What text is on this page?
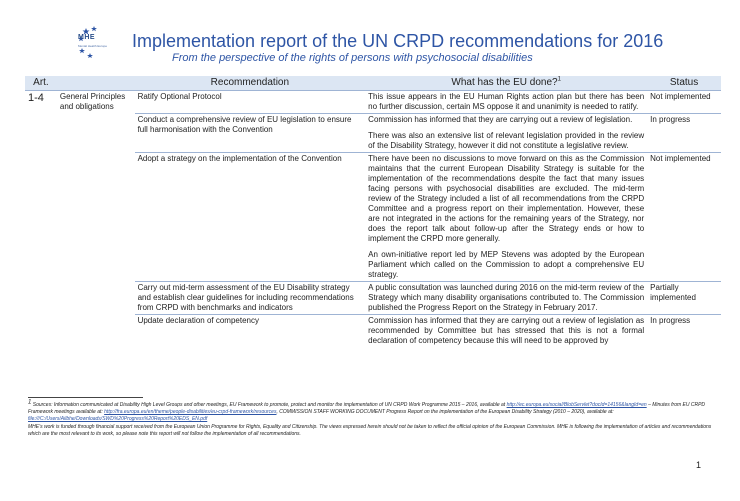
MHE
Mental Health Europe Implementation report of the UN CRPD recommendations for 2016
From the perspective of the rights of persons with psychosocial disabilities
Art.		Recommendation	What has the EU done?$^1$	Status
1-4	General Principles and obligations	Ratify Optional Protocol	This issue appears in the EU Human Rights action plan but there has been no further discussion, certain MS oppose it and unanimity is needed to ratify.	Not implemented
		Conduct a comprehensive review of EU legislation to ensure full harmonisation with the Convention	Commission has informed that they are carrying out a review of legislation.
There was also an extensive list of relevant legislation provided in the review of the Disability Strategy, however it did not constitute a legislative review.	In progress
		Adopt a strategy on the implementation of the Convention	There have been no discussions to move forward on this as the Commission maintains that the current European Disability Strategy is suitable for the implementation of the recommendations despite the fact that many issues facing persons with psychosocial disabilities are excluded. The mid-term review of the Strategy included a list of all recommendations from the CRPD Committee and a progress report on their implementation. However, these are not integrated in the actions for the remaining years of the Strategy, nor does the report talk about follow-up after the Strategy ends or how to implement the CRPD more generally.
An own-initiative report led by MEP Stevens was adopted by the European Parliament which called on the Commission to adopt a comprehensive EU strategy.	Not implemented
		Carry out mid-term assessment of the EU Disability strategy and establish clear guidelines for including recommendations from CRPD with benchmarks and indicators	A public consultation was launched during 2016 on the mid-term review of the Strategy which many disability organisations contributed to. The Commission published the Progress Report on the Strategy in February 2017.	Partially implemented
		Update declaration of competency	Commission has informed that they are carrying out a review of legislation as recommended by Committee but has stressed that this is not a formal declaration of competency because this will need to be approved by	In progress
1 Sources: Information communicated at Disability High Level Groups and other meetings, EU Framework to promote, protect and monitor the implementation of UN CRPD Work Programme 2015 – 2016, available at http://ec.europa.eu/social/BlobServlet?docId=14156&langId=en – Minutes from EU CRPD Framework meetings available at: http://fra.europa.eu/en/theme/people-disabilities/eu-crpd-framework/resources, COMMISSION STAFF WORKING DOCUMENT Progress Report on the implementation of the European Disability Strategy (2010 – 2020), available at: file:///C:/Users/Ailbhe/Downloads/SWD%20Progress%20Report%20EDS_EN.pdf
MHE's work is funded through financial support received from the European Union Programme for Rights, Equality and Citizenship. The views expressed herein should not be taken to reflect the official opinion of the European Commission. MHE is following the implementation of articles and recommendations which are the most relevant to its work, so please note this report will not follow the implementation of all recommendations.
1
